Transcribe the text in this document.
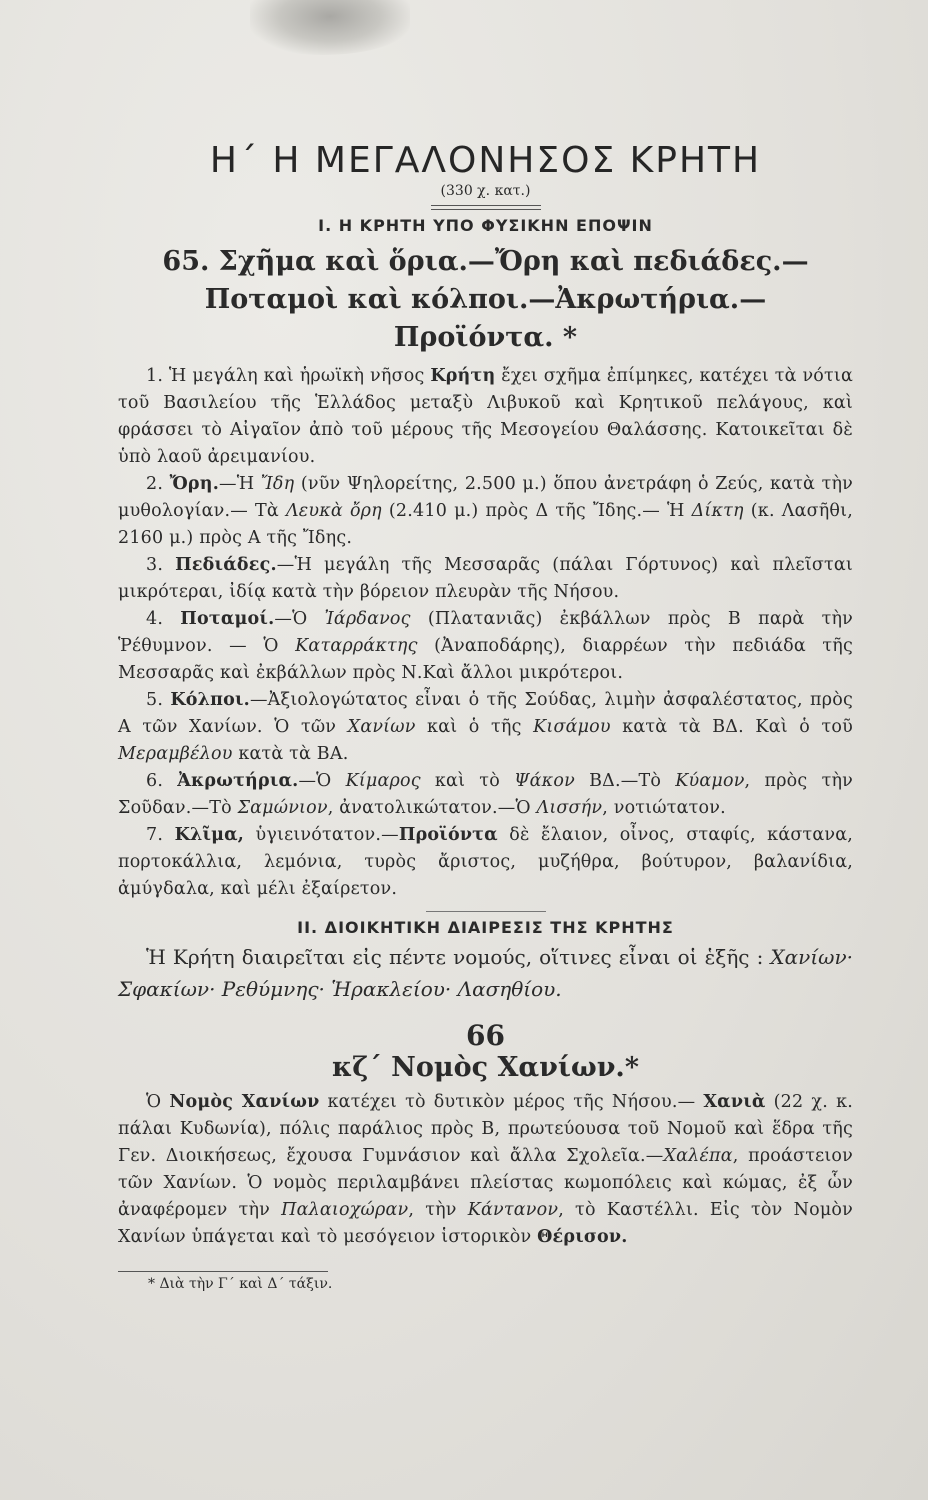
Η΄ Η ΜΕΓΑΛΟΝΗΣΟΣ ΚΡΗΤΗ
(330 χ. κατ.)
Ι. Η ΚΡΗΤΗ ΥΠΟ ΦΥΣΙΚΗΝ ΕΠΟΨΙΝ
65. Σχῆμα καὶ ὅρια.—Ὄρη καὶ πεδιάδες.—
Ποταμοὶ καὶ κόλποι.—Ἀκρωτήρια.—
Προϊόντα. *

1. Ἡ μεγάλη καὶ ἡρωϊκὴ νῆσος Κρήτη ἔχει σχῆμα ἐπίμηκες, κατέχει τὰ νότια τοῦ Βασιλείου τῆς Ἑλλάδος μεταξὺ Λιβυκοῦ καὶ Κρητικοῦ πελάγους, καὶ φράσσει τὸ Αἰγαῖον ἀπὸ τοῦ μέρους τῆς Μεσογείου Θαλάσσης. Κατοικεῖται δὲ ὑπὸ λαοῦ ἀρειμανίου.

2. Ὄρη.—Ἡ Ἴδη (νῦν Ψηλορείτης, 2.500 μ.) ὅπου ἀνετράφη ὁ Ζεύς, κατὰ τὴν μυθολογίαν.— Τὰ Λευκὰ ὄρη (2.410 μ.) πρὸς Δ τῆς Ἴδης.— Ἡ Δίκτη (κ. Λασῆθι, 2160 μ.) πρὸς Α τῆς Ἴδης.

3. Πεδιάδες.—Ἡ μεγάλη τῆς Μεσσαρᾶς (πάλαι Γόρτυνος) καὶ πλεῖσται μικρότεραι, ἰδίᾳ κατὰ τὴν βόρειον πλευρὰν τῆς Νήσου.

4. Ποταμοί.—Ὁ Ἰάρδανος (Πλατανιᾶς) ἐκβάλλων πρὸς Β παρὰ τὴν Ῥέθυμνον. — Ὁ Καταρράκτης (Ἀναποδάρης), διαρρέων τὴν πεδιάδα τῆς Μεσσαρᾶς καὶ ἐκβάλλων πρὸς Ν.Καὶ ἄλλοι μικρότεροι.

5. Κόλποι.—Ἀξιολογώτατος εἶναι ὁ τῆς Σούδας, λιμὴν ἀσφαλέστατος, πρὸς Α τῶν Χανίων. Ὁ τῶν Χανίων καὶ ὁ τῆς Κισάμου κατὰ τὰ ΒΔ. Καὶ ὁ τοῦ Μεραμβέλου κατὰ τὰ ΒΑ.

6. Ἀκρωτήρια.—Ὁ Κίμαρος καὶ τὸ Ψάκον ΒΔ.—Τὸ Κύαμον, πρὸς τὴν Σοῦδαν.—Τὸ Σαμώνιον, ἀνατολικώτατον.—Ὁ Λισσήν, νοτιώτατον.

7. Κλῖμα, ὑγιεινότατον.—Προϊόντα δὲ ἔλαιον, οἶνος, σταφίς, κάστανα, πορτοκάλλια, λεμόνια, τυρὸς ἄριστος, μυζήθρα, βούτυρον, βαλανίδια, ἀμύγδαλα, καὶ μέλι ἐξαίρετον.

ΙΙ. ΔΙΟΙΚΗΤΙΚΗ ΔΙΑΙΡΕΣΙΣ ΤΗΣ ΚΡΗΤΗΣ

Ἡ Κρήτη διαιρεῖται εἰς πέντε νομούς, οἵτινες εἶναι οἱ ἑξῆς : Χανίων· Σφακίων· Ρεθύμνης· Ἡρακλείου· Λασηθίου.

66
κζ΄ Νομὸς Χανίων.*

Ὁ Νομὸς Χανίων κατέχει τὸ δυτικὸν μέρος τῆς Νήσου.— Χανιὰ (22 χ. κ. πάλαι Κυδωνία), πόλις παράλιος πρὸς Β, πρωτεύουσα τοῦ Νομοῦ καὶ ἕδρα τῆς Γεν. Διοικήσεως, ἔχουσα Γυμνάσιον καὶ ἄλλα Σχολεῖα.—Χαλέπα, προάστειον τῶν Χανίων. Ὁ νομὸς περιλαμβάνει πλείστας κωμοπόλεις καὶ κώμας, ἐξ ὧν ἀναφέρομεν τὴν Παλαιοχώραν, τὴν Κάντανον, τὸ Καστέλλι. Εἰς τὸν Νομὸν Χανίων ὑπάγεται καὶ τὸ μεσόγειον ἱστορικὸν Θέρισον.

* Διὰ τὴν Γ΄ καὶ Δ΄ τάξιν.
